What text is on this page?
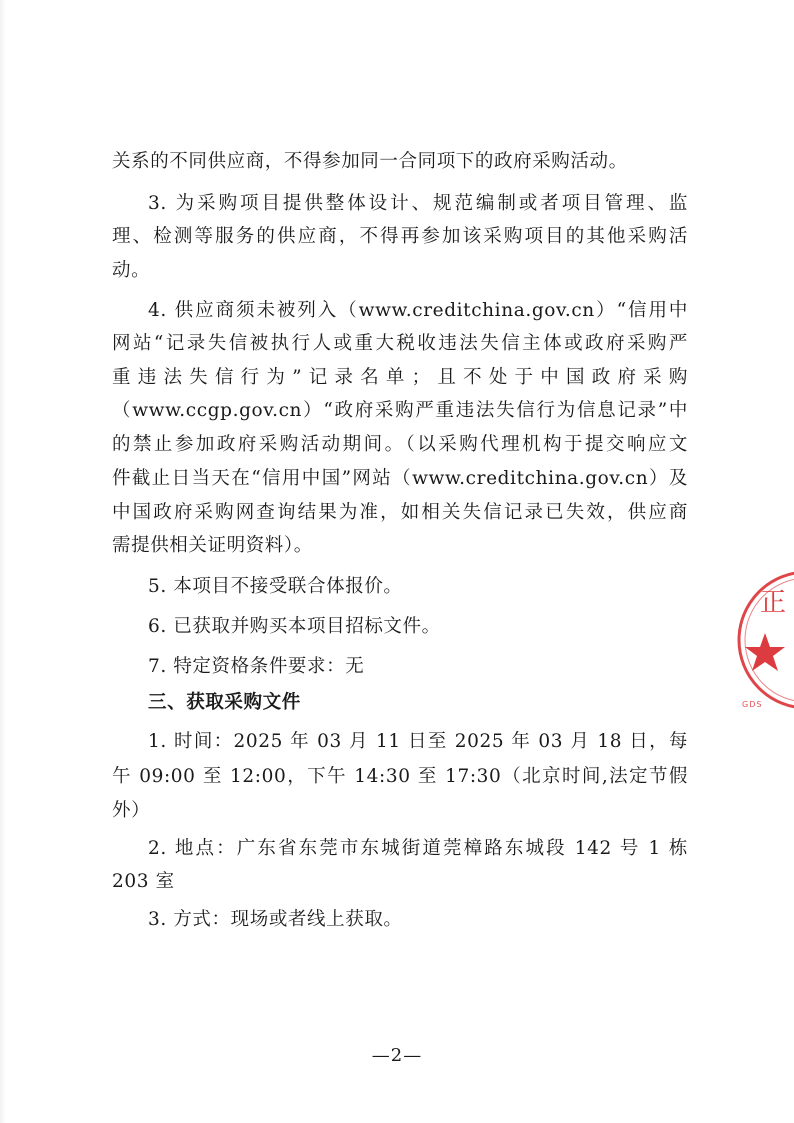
关系的不同供应商，不得参加同一合同项下的政府采购活动。
3. 为采购项目提供整体设计、规范编制或者项目管理、监
理、检测等服务的供应商，不得再参加该采购项目的其他采购活
动。
4. 供应商须未被列入（www.creditchina.gov.cn）“信用中
网站“记录失信被执行人或重大税收违法失信主体或政府采购严
重违法失信行为”记录名单；且不处于中国政府采购
（www.ccgp.gov.cn）“政府采购严重违法失信行为信息记录”中
的禁止参加政府采购活动期间。（以采购代理机构于提交响应文
件截止日当天在“信用中国”网站（www.creditchina.gov.cn）及
中国政府采购网查询结果为准，如相关失信记录已失效，供应商
需提供相关证明资料）。
5. 本项目不接受联合体报价。
6. 已获取并购买本项目招标文件。
7. 特定资格条件要求：无
三、获取采购文件
1. 时间：2025 年 03 月 11 日至 2025 年 03 月 18 日，每
午 09:00 至 12:00，下午 14:30 至 17:30（北京时间,法定节假
外）
2. 地点：广东省东莞市东城街道莞樟路东城段 142 号 1 栋
203 室
3. 方式：现场或者线上获取。
—2—
正
GDS
